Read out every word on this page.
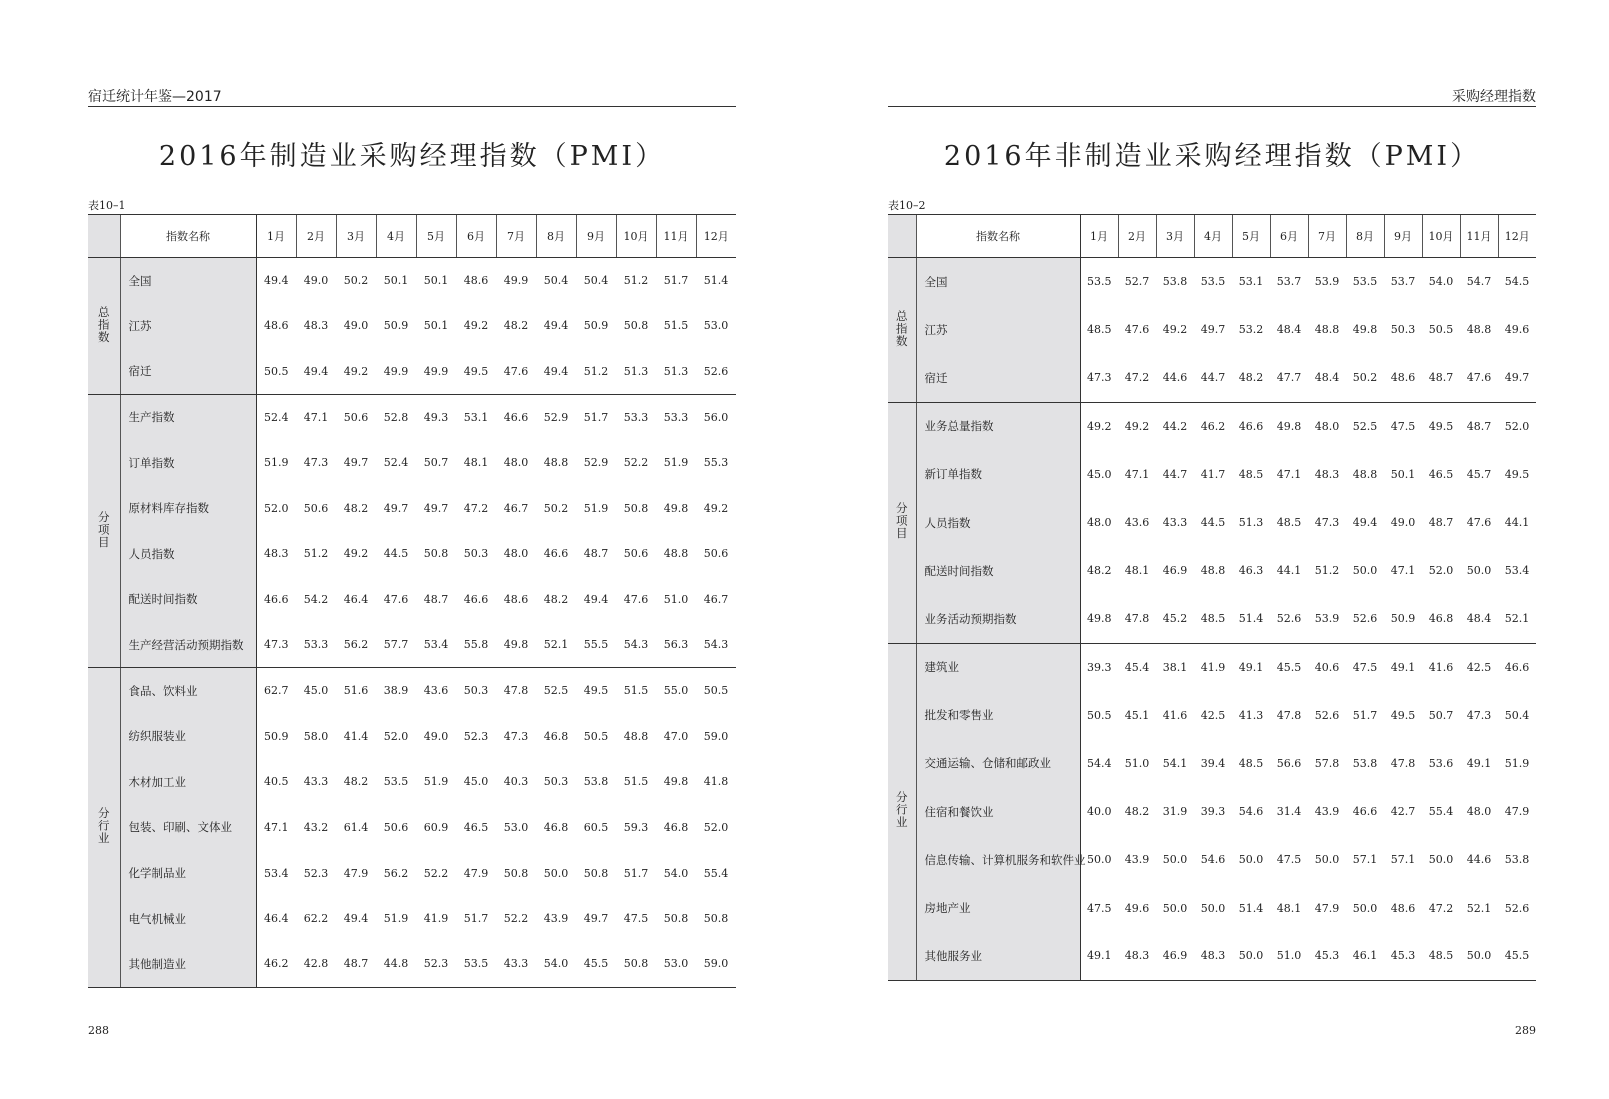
宿迁统计年鉴—2017
2016年制造业采购经理指数（PMI）
表10–1
	指数名称	1月	2月	3月	4月	5月	6月	7月	8月	9月	10月	11月	12月
总指数	全国	49.4	49.0	50.2	50.1	50.1	48.6	49.9	50.4	50.4	51.2	51.7	51.4
	江苏	48.6	48.3	49.0	50.9	50.1	49.2	48.2	49.4	50.9	50.8	51.5	53.0
	宿迁	50.5	49.4	49.2	49.9	49.9	49.5	47.6	49.4	51.2	51.3	51.3	52.6
分项目	生产指数	52.4	47.1	50.6	52.8	49.3	53.1	46.6	52.9	51.7	53.3	53.3	56.0
	订单指数	51.9	47.3	49.7	52.4	50.7	48.1	48.0	48.8	52.9	52.2	51.9	55.3
	原材料库存指数	52.0	50.6	48.2	49.7	49.7	47.2	46.7	50.2	51.9	50.8	49.8	49.2
	人员指数	48.3	51.2	49.2	44.5	50.8	50.3	48.0	46.6	48.7	50.6	48.8	50.6
	配送时间指数	46.6	54.2	46.4	47.6	48.7	46.6	48.6	48.2	49.4	47.6	51.0	46.7
	生产经营活动预期指数	47.3	53.3	56.2	57.7	53.4	55.8	49.8	52.1	55.5	54.3	56.3	54.3
分行业	食品、饮料业	62.7	45.0	51.6	38.9	43.6	50.3	47.8	52.5	49.5	51.5	55.0	50.5
	纺织服装业	50.9	58.0	41.4	52.0	49.0	52.3	47.3	46.8	50.5	48.8	47.0	59.0
	木材加工业	40.5	43.3	48.2	53.5	51.9	45.0	40.3	50.3	53.8	51.5	49.8	41.8
	包装、印刷、文体业	47.1	43.2	61.4	50.6	60.9	46.5	53.0	46.8	60.5	59.3	46.8	52.0
	化学制品业	53.4	52.3	47.9	56.2	52.2	47.9	50.8	50.0	50.8	51.7	54.0	55.4
	电气机械业	46.4	62.2	49.4	51.9	41.9	51.7	52.2	43.9	49.7	47.5	50.8	50.8
	其他制造业	46.2	42.8	48.7	44.8	52.3	53.5	43.3	54.0	45.5	50.8	53.0	59.0
288
采购经理指数
2016年非制造业采购经理指数（PMI）
表10–2
	指数名称	1月	2月	3月	4月	5月	6月	7月	8月	9月	10月	11月	12月
总指数	全国	53.5	52.7	53.8	53.5	53.1	53.7	53.9	53.5	53.7	54.0	54.7	54.5
	江苏	48.5	47.6	49.2	49.7	53.2	48.4	48.8	49.8	50.3	50.5	48.8	49.6
	宿迁	47.3	47.2	44.6	44.7	48.2	47.7	48.4	50.2	48.6	48.7	47.6	49.7
分项目	业务总量指数	49.2	49.2	44.2	46.2	46.6	49.8	48.0	52.5	47.5	49.5	48.7	52.0
	新订单指数	45.0	47.1	44.7	41.7	48.5	47.1	48.3	48.8	50.1	46.5	45.7	49.5
	人员指数	48.0	43.6	43.3	44.5	51.3	48.5	47.3	49.4	49.0	48.7	47.6	44.1
	配送时间指数	48.2	48.1	46.9	48.8	46.3	44.1	51.2	50.0	47.1	52.0	50.0	53.4
	业务活动预期指数	49.8	47.8	45.2	48.5	51.4	52.6	53.9	52.6	50.9	46.8	48.4	52.1
分行业	建筑业	39.3	45.4	38.1	41.9	49.1	45.5	40.6	47.5	49.1	41.6	42.5	46.6
	批发和零售业	50.5	45.1	41.6	42.5	41.3	47.8	52.6	51.7	49.5	50.7	47.3	50.4
	交通运输、仓储和邮政业	54.4	51.0	54.1	39.4	48.5	56.6	57.8	53.8	47.8	53.6	49.1	51.9
	住宿和餐饮业	40.0	48.2	31.9	39.3	54.6	31.4	43.9	46.6	42.7	55.4	48.0	47.9
	信息传输、计算机服务和软件业	50.0	43.9	50.0	54.6	50.0	47.5	50.0	57.1	57.1	50.0	44.6	53.8
	房地产业	47.5	49.6	50.0	50.0	51.4	48.1	47.9	50.0	48.6	47.2	52.1	52.6
	其他服务业	49.1	48.3	46.9	48.3	50.0	51.0	45.3	46.1	45.3	48.5	50.0	45.5
289
